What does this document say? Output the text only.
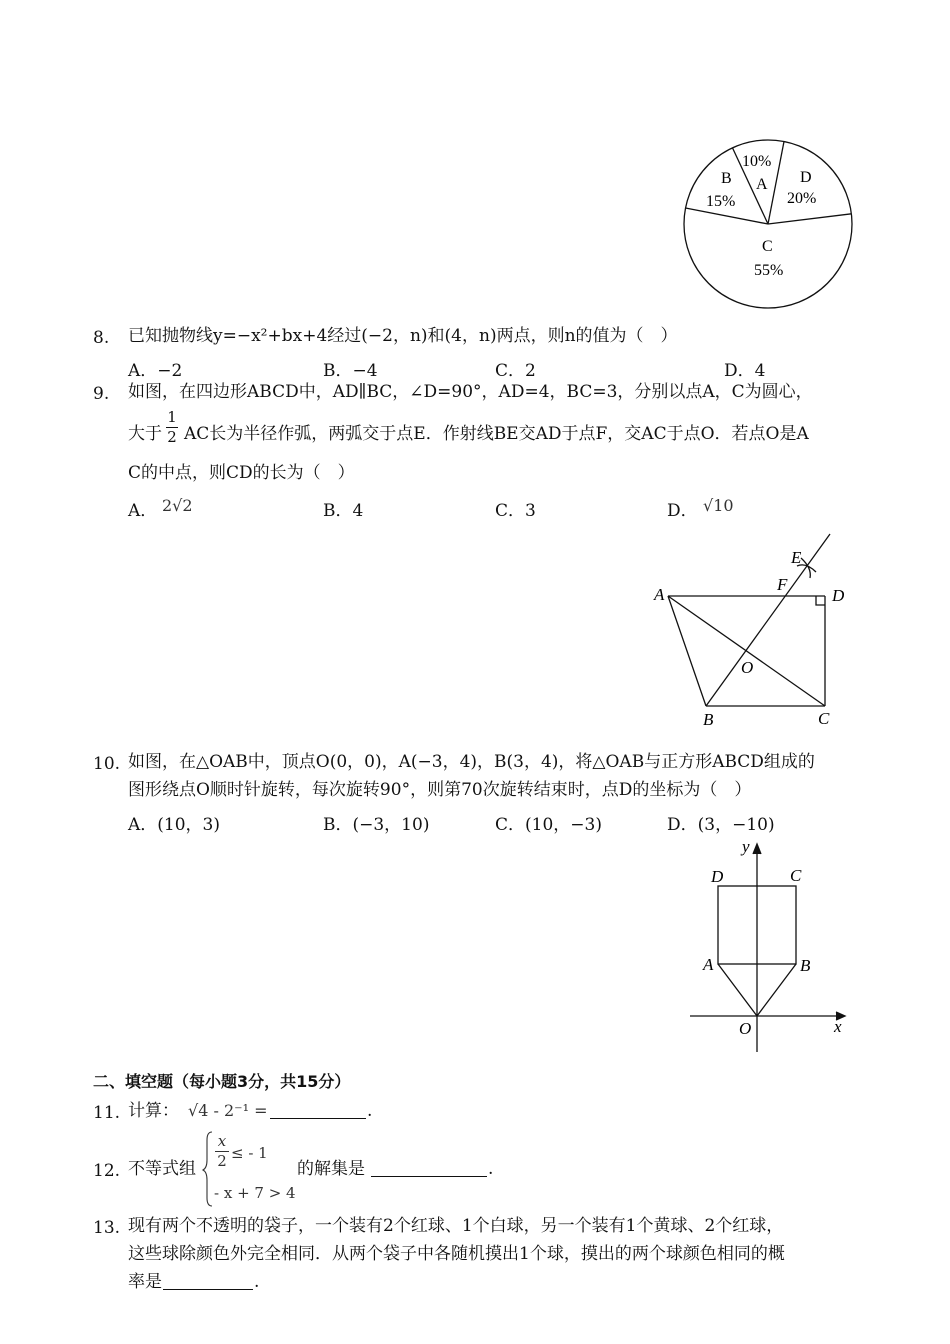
10%
A
B
15%
D
20%
C
55%
8. 已知抛物线y=−x²+bx+4经过(−2，n)和(4，n)两点，则n的值为（　）
A．−2	B．−4	C．2	D．4
9. 如图，在四边形ABCD中，AD∥BC，∠D=90°，AD=4，BC=3，分别以点A，C为圆心，
大于
1
2 AC长为半径作弧，两弧交于点E．作射线BE交AD于点F，交AC于点O．若点O是A
C的中点，则CD的长为（　）
A． 2√2	B．4	C．3	D． √10
A	D
E
F
O
B	C
10. 如图，在△OAB中，顶点O(0，0)，A(−3，4)，B(3，4)，将△OAB与正方形ABCD组成的
图形绕点O顺时针旋转，每次旋转90°，则第70次旋转结束时，点D的坐标为（　）
A．(10，3)	B．(−3，10)	C．(10，−3)	D．(3，−10)
y
x
D	C
A	B
O
二、填空题（每小题3分，共15分）
11. 计算： √4 - 2⁻¹ =	.
12. 不等式组
x
2 ≤ - 1
- x + 7 > 4
的解集是	.
13. 现有两个不透明的袋子，一个装有2个红球、1个白球，另一个装有1个黄球、2个红球，
这些球除颜色外完全相同．从两个袋子中各随机摸出1个球，摸出的两个球颜色相同的概
率是	.
